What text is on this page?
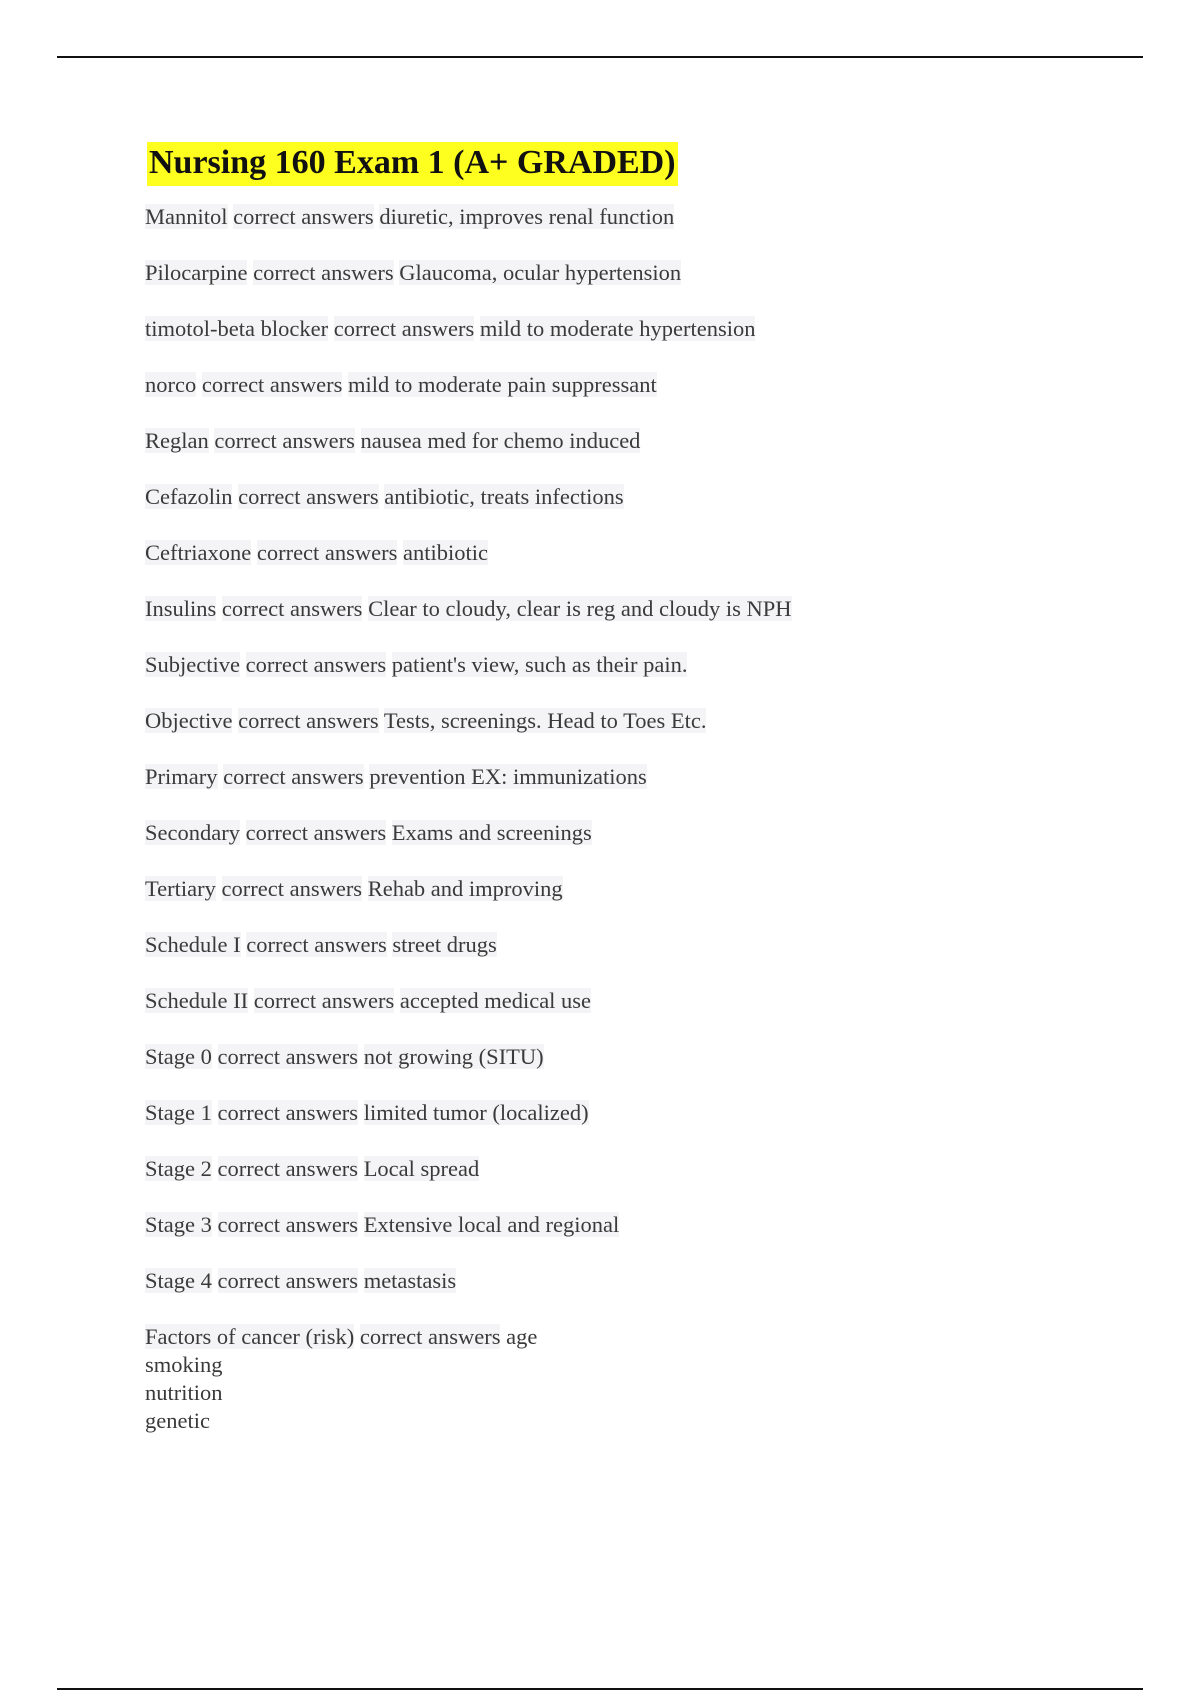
Nursing 160 Exam 1 (A+ GRADED)
Mannitol correct answers diuretic, improves renal function
Pilocarpine correct answers Glaucoma, ocular hypertension
timotol-beta blocker correct answers mild to moderate hypertension
norco correct answers mild to moderate pain suppressant
Reglan correct answers nausea med for chemo induced
Cefazolin correct answers antibiotic, treats infections
Ceftriaxone correct answers antibiotic
Insulins correct answers Clear to cloudy, clear is reg and cloudy is NPH
Subjective correct answers patient's view, such as their pain.
Objective correct answers Tests, screenings. Head to Toes Etc.
Primary correct answers prevention EX: immunizations
Secondary correct answers Exams and screenings
Tertiary correct answers Rehab and improving
Schedule I correct answers street drugs
Schedule II correct answers accepted medical use
Stage 0 correct answers not growing (SITU)
Stage 1 correct answers limited tumor (localized)
Stage 2 correct answers Local spread
Stage 3 correct answers Extensive local and regional
Stage 4 correct answers metastasis
Factors of cancer (risk) correct answers age
smoking
nutrition
genetic
